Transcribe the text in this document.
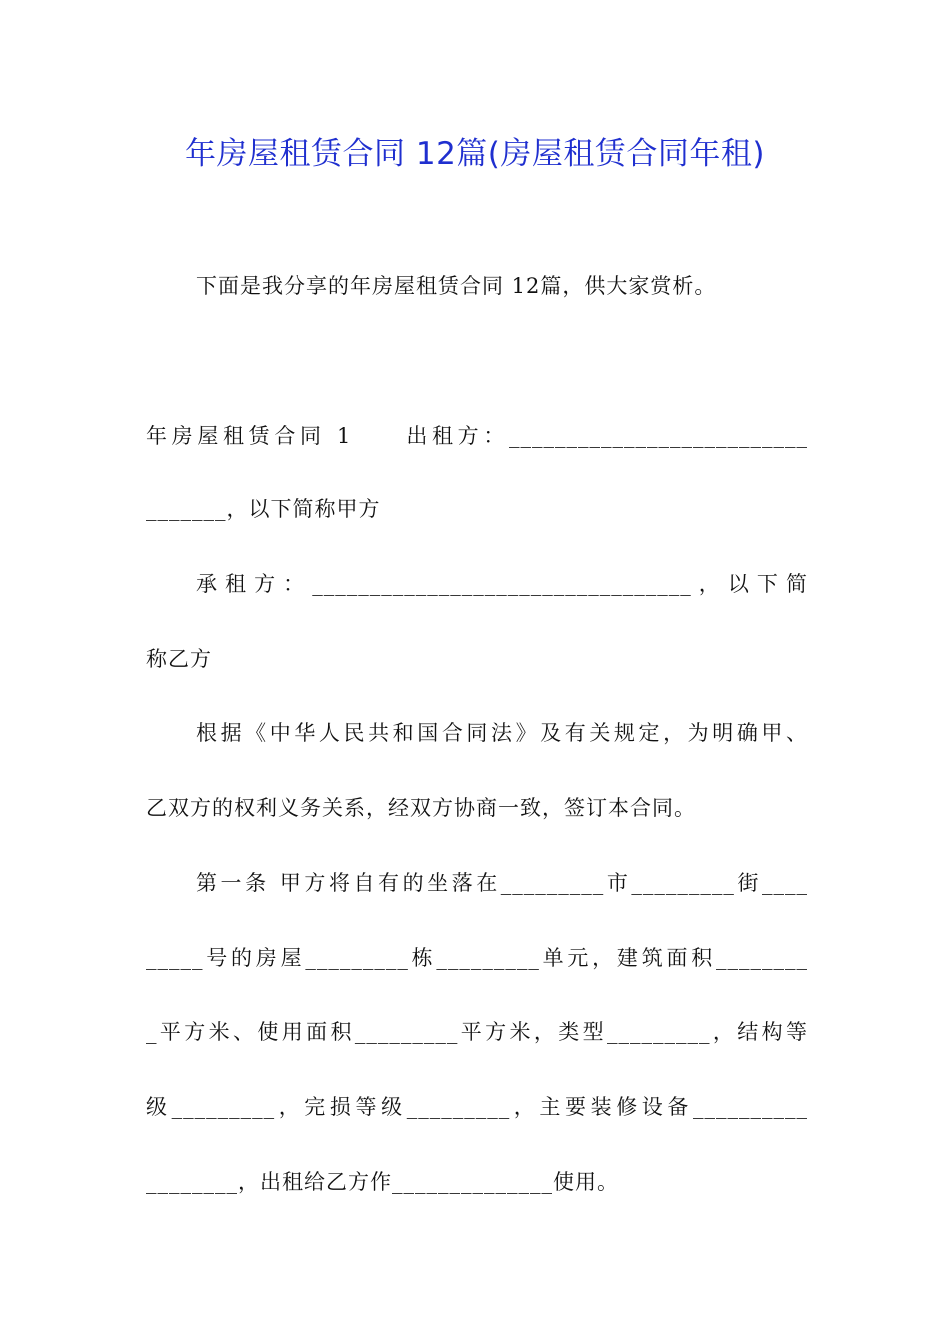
年房屋租赁合同 12篇(房屋租赁合同年租)
下面是我分享的年房屋租赁合同 12篇，供大家赏析。
年房屋租赁合同 1　　出租方：__________________________
_______，以下简称甲方
承租方：_________________________________，以下简
称乙方
根据《中华人民共和国合同法》及有关规定，为明确甲、
乙双方的权利义务关系，经双方协商一致，签订本合同。
第一条 甲方将自有的坐落在_________市_________街____
_____号的房屋_________栋_________单元，建筑面积________
_平方米、使用面积_________平方米，类型_________，结构等
级_________，完损等级_________，主要装修设备__________
________，出租给乙方作______________使用。
